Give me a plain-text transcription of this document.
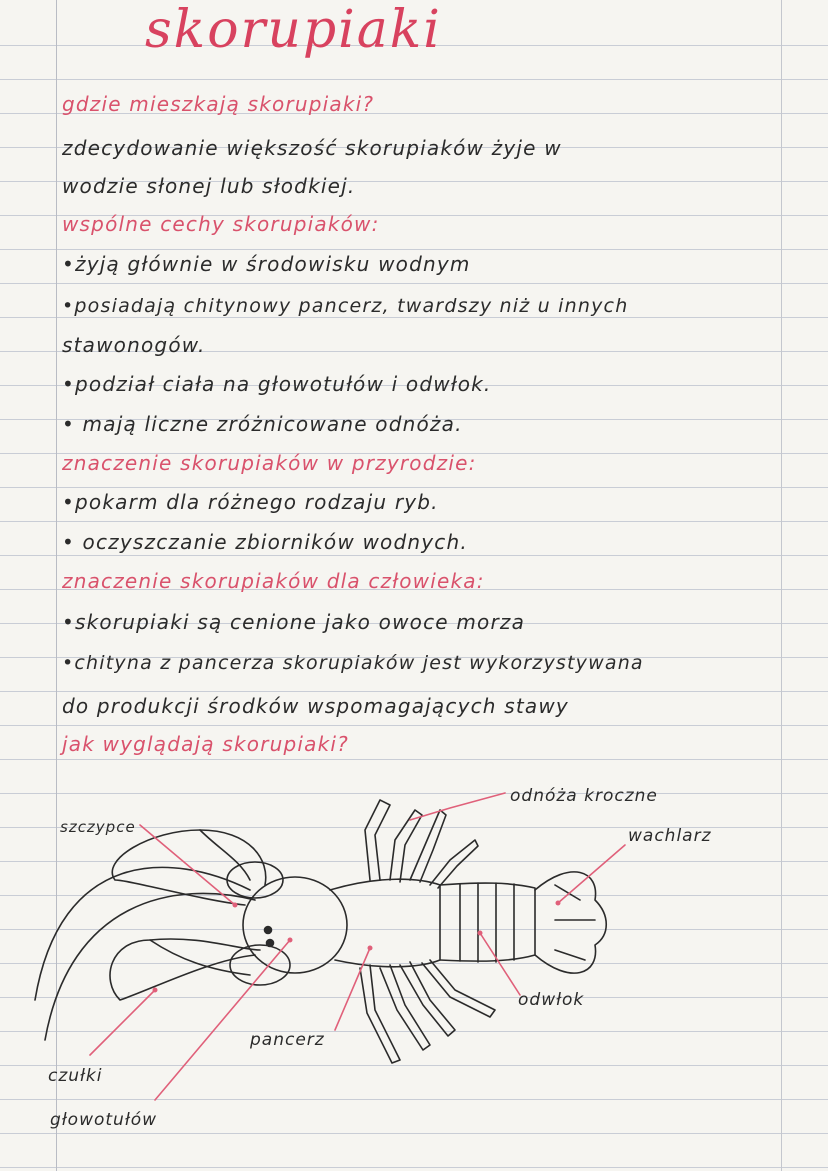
skorupiaki
gdzie mieszkają skorupiaki?
zdecydowanie większość skorupiaków żyje w
wodzie słonej lub słodkiej.
wspólne cechy skorupiaków:
•żyją głównie w środowisku wodnym
•posiadają chitynowy pancerz, twardszy niż u innych
stawonogów.
•podział ciała na głowotułów i odwłok.
• mają liczne zróżnicowane odnóża.
znaczenie skorupiaków w przyrodzie:
•pokarm dla różnego rodzaju ryb.
• oczyszczanie zbiorników wodnych.
znaczenie skorupiaków dla człowieka:
•skorupiaki są cenione jako owoce morza
•chityna z pancerza skorupiaków jest wykorzystywana
do produkcji środków wspomagających stawy
jak wyglądają skorupiaki?
odnóża kroczne
wachlarz
szczypce
odwłok
pancerz
czułki
głowotułów
